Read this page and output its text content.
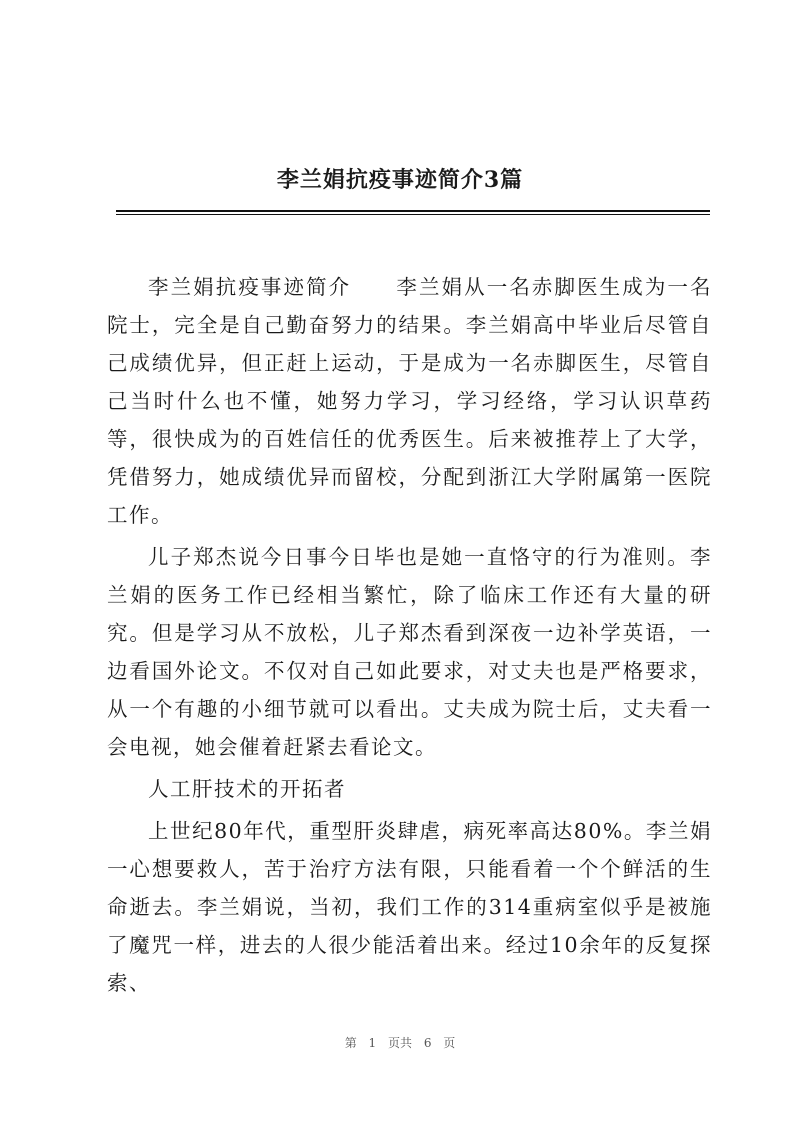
李兰娟抗疫事迹简介3篇

李兰娟抗疫事迹简介　　李兰娟从一名赤脚医生成为一名院士，完全是自己勤奋努力的结果。李兰娟高中毕业后尽管自己成绩优异，但正赶上运动，于是成为一名赤脚医生，尽管自己当时什么也不懂，她努力学习，学习经络，学习认识草药等，很快成为的百姓信任的优秀医生。后来被推荐上了大学，凭借努力，她成绩优异而留校，分配到浙江大学附属第一医院工作。

儿子郑杰说今日事今日毕也是她一直恪守的行为准则。李兰娟的医务工作已经相当繁忙，除了临床工作还有大量的研究。但是学习从不放松，儿子郑杰看到深夜一边补学英语，一边看国外论文。不仅对自己如此要求，对丈夫也是严格要求，从一个有趣的小细节就可以看出。丈夫成为院士后，丈夫看一会电视，她会催着赶紧去看论文。

人工肝技术的开拓者

上世纪80年代，重型肝炎肆虐，病死率高达80%。李兰娟一心想要救人，苦于治疗方法有限，只能看着一个个鲜活的生命逝去。李兰娟说，当初，我们工作的314重病室似乎是被施了魔咒一样，进去的人很少能活着出来。经过10余年的反复探索、

第 1 页共 6 页
